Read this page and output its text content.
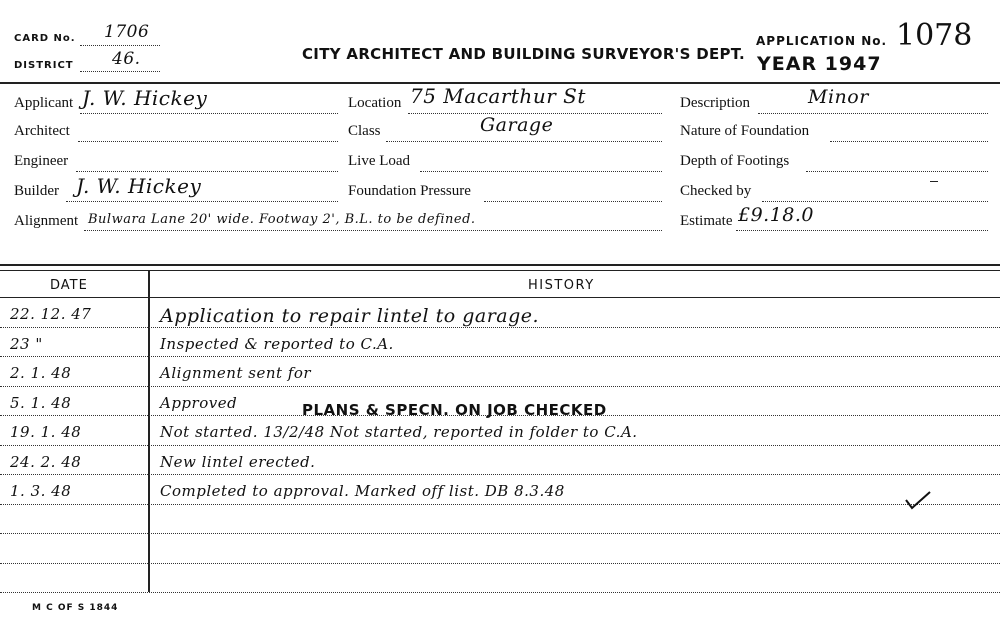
CARD No. 1706
DISTRICT 46.	CITY ARCHITECT AND BUILDING SURVEYOR'S DEPT.
APPLICATION No. 1078
YEAR 1947
Applicant J. W. Hickey
Architect
Engineer
Builder J. W. Hickey
Alignment Bulwara Lane 20' wide. Footway 2', B.L. to be defined.
Location 75 Macarthur St
Class	Garage
Live Load
Foundation Pressure
Description	Minor
Nature of Foundation
Depth of Footings
Checked by
Estimate £9.18.0
DATE	HISTORY
22. 12. 47	Application to repair lintel to garage.
23 "	Inspected & reported to C.A.
2. 1. 48	Alignment sent for
5. 1. 48	Approved
19. 1. 48	Not started. 13/2/48 Not started, reported in folder to C.A.
24. 2. 48	New lintel erected.
1. 3. 48	Completed to approval. Marked off list. DB 8.3.48
PLANS & SPECN. ON JOB CHECKED
M C OF S 1844
